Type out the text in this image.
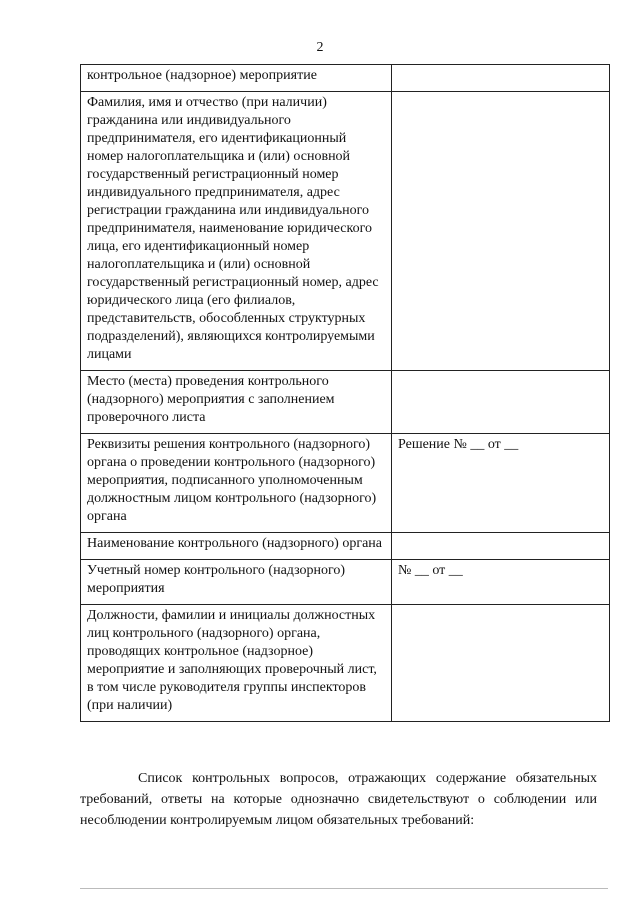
2
контрольное (надзорное) мероприятие	
Фамилия, имя и отчество (при наличии) гражданина или индивидуального предпринимателя, его идентификационный номер налогоплательщика и (или) основной государственный регистрационный номер индивидуального предпринимателя, адрес регистрации гражданина или индивидуального предпринимателя, наименование юридического лица, его идентификационный номер налогоплательщика и (или) основной государственный регистрационный номер, адрес юридического лица (его филиалов, представительств, обособленных структурных подразделений), являющихся контролируемыми лицами	
Место (места) проведения контрольного (надзорного) мероприятия с заполнением проверочного листа	
Реквизиты решения контрольного (надзорного) органа о проведении контрольного (надзорного) мероприятия, подписанного уполномоченным должностным лицом контрольного (надзорного) органа	Решение № __ от __
Наименование контрольного (надзорного) органа	
Учетный номер контрольного (надзорного) мероприятия	№ __ от __
Должности, фамилии и инициалы должностных лиц контрольного (надзорного) органа, проводящих контрольное (надзорное) мероприятие и заполняющих проверочный лист, в том числе руководителя группы инспекторов (при наличии)	
Список контрольных вопросов, отражающих содержание обязательных требований, ответы на которые однозначно свидетельствуют о соблюдении или несоблюдении контролируемым лицом обязательных требований:
